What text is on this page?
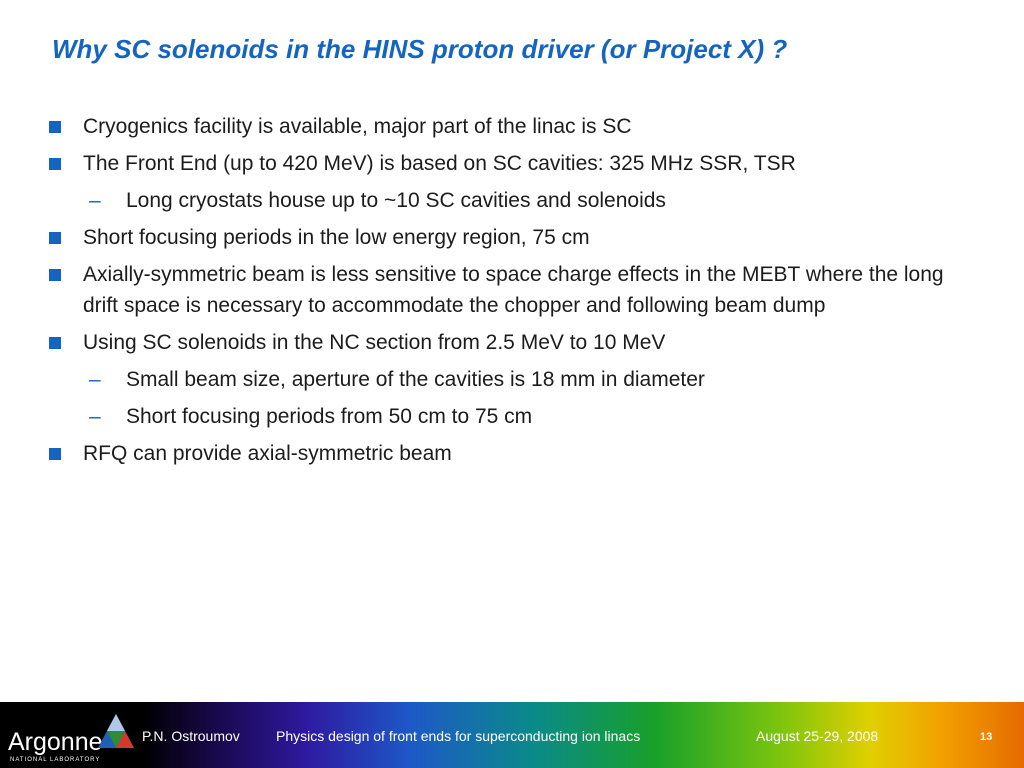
Why SC solenoids in the HINS proton driver (or Project X) ?
Cryogenics facility is available, major part of the linac is SC
The Front End (up to 420 MeV) is based on SC cavities: 325 MHz SSR, TSR
– Long cryostats house up to ~10 SC cavities and solenoids
Short focusing periods in the low energy region, 75 cm
Axially-symmetric beam is less sensitive to space charge effects in the MEBT where the long drift space is necessary to accommodate the chopper and following beam dump
Using SC solenoids in the NC section from 2.5 MeV to 10 MeV
– Small beam size, aperture of the cavities is 18 mm in diameter
– Short focusing periods from 50 cm to 75 cm
RFQ can provide axial-symmetric beam
Argonne
NATIONAL LABORATORY
P.N. Ostroumov	Physics design of front ends for superconducting ion linacs	August 25-29, 2008	13
